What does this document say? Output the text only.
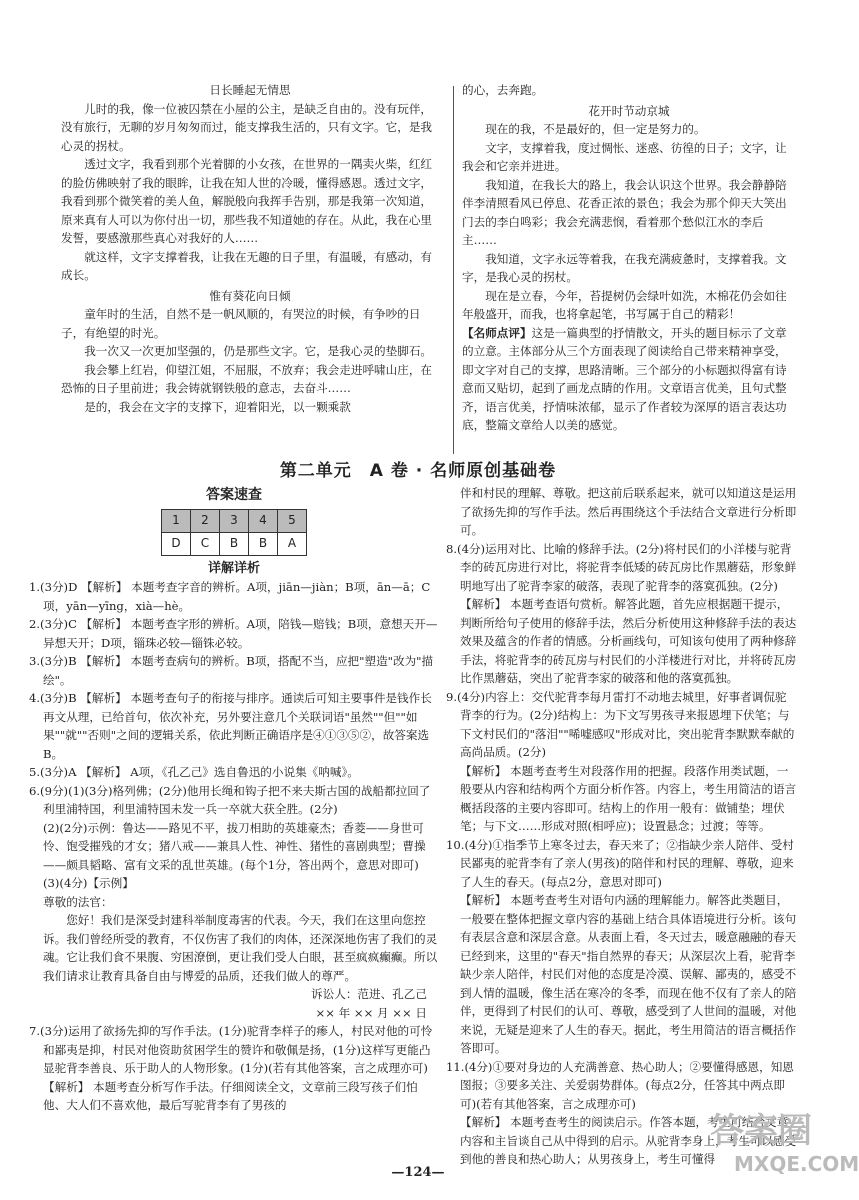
日长睡起无情思

儿时的我，像一位被囚禁在小屋的公主，是缺乏自由的。没有玩伴，没有旅行，无聊的岁月匆匆而过，能支撑我生活的，只有文字。它，是我心灵的拐杖。

透过文字，我看到那个光着脚的小女孩，在世界的一隅卖火柴，红红的脸仿佛映射了我的眼眸，让我在知人世的冷暖，懂得感恩。透过文字，我看到那个微笑着的美人鱼，解脱般向我挥手告别，那是我第一次知道，原来真有人可以为你付出一切，那些我不知道她的存在。从此，我在心里发誓，要感激那些真心对我好的人……

就这样，文字支撑着我，让我在无趣的日子里，有温暖，有感动，有成长。

惟有葵花向日倾

童年时的生活，自然不是一帆风顺的，有哭泣的时候，有争吵的日子，有绝望的时光。

我一次又一次更加坚强的，仍是那些文字。它，是我心灵的垫脚石。

我会攀上红岩，仰望江姐，不屈服，不放弃；我会走进呼啸山庄，在恐怖的日子里前进；我会铸就钢铁般的意志，去奋斗……

是的，我会在文字的支撑下，迎着阳光，以一颗乘款

的心，去奔跑。

花开时节动京城

现在的我，不是最好的，但一定是努力的。

文字，支撑着我，度过惆怅、迷惑、彷徨的日子；文字，让我会和它亲并进进。

我知道，在我长大的路上，我会认识这个世界。我会静静陪伴李清照看风已停息、花香正浓的景色；我会为那个仰天大笑出门去的李白鸣彩；我会充满悲悯，看着那个愁似江水的李后主……

我知道，文字永远等着我，在我充满疲惫时，支撑着我。文字，是我心灵的拐杖。

现在是立春，今年，苔提树仍会绿叶如洗，木棉花仍会如往年般盛开，而我，也将拿起笔，书写属于自己的精彩！

【名师点评】这是一篇典型的抒情散文，开头的题目标示了文章的立意。主体部分从三个方面表现了阅读给自己带来精神享受，即文字对自己的支撑，思路清晰。三个部分的小标题拟得富有诗意而又贴切，起到了画龙点睛的作用。文章语言优美，且句式整齐，语言优美，抒情味浓郁，显示了作者较为深厚的语言表达功底，整篇文章给人以美的感觉。

第二单元　A 卷 · 名师原创基础卷
答案速查
1	2	3	4	5
D	C	B	B	A
详解详析

1.(3分)D 【解析】 本题考查字音的辨析。A项，jiān—jiàn；B项，ān—ā；C项，yān—yīng，xià—hè。

2.(3分)C 【解析】 本题考查字形的辨析。A项，陪钱—赔钱；B项，意想天开—异想天开；D项，锱珠必较—锱铢必较。

3.(3分)B 【解析】 本题考查病句的辨析。B项，搭配不当，应把"塑造"改为"描绘"。

4.(3分)B 【解析】 本题考查句子的衔接与排序。通读后可知主要事件是钱作长再文从理，已给首句，依次补充，另外要注意几个关联词语"虽然""但""如果""就""否则"之间的逻辑关系，依此判断正确语序是④①③⑤②，故答案选B。

5.(3分)A 【解析】 A项，《孔乙己》选自鲁迅的小说集《呐喊》。

6.(9分)(1)(3分)格列佛；(2分)他用长绳和钩子把不来夫斯古国的战船都拉回了利里浦特国，利里浦特国未发一兵一卒就大获全胜。(2分)

(2)(2分)示例：鲁达——路见不平，拔刀相助的英雄豪杰；香菱——身世可怜、饱受摧残的才女；猪八戒——兼具人性、神性、猪性的喜剧典型；曹操——颇具韬略、富有文采的乱世英雄。(每个1分，答出两个，意思对即可)

(3)(4分)【示例】

尊敬的法官：

您好！我们是深受封建科举制度毒害的代表。今天，我们在这里向您控诉。我们曾经所受的教育，不仅伤害了我们的肉体，还深深地伤害了我们的灵魂。它让我们食不果腹、穷困潦倒，更让我们受人白眼，甚至疯疯癫癫。所以我们请求让教育具备自由与博爱的品质，还我们做人的尊严。

诉讼人：范进、孔乙己

×× 年 ×× 月 ×× 日

7.(3分)运用了欲扬先抑的写作手法。(1分)驼背李样子的瘆人，村民对他的可怜和鄙夷是抑，村民对他资助贫困学生的赞许和敬佩是扬，(1分)这样写更能凸显驼背李善良、乐于助人的人物形象。(1分)(若有其他答案，言之成理亦可)

【解析】 本题考查分析写作手法。仔细阅读全文，文章前三段写孩子们怕他、大人们不喜欢他，最后写驼背李有了男孩的

伴和村民的理解、尊敬。把这前后联系起来，就可以知道这是运用了欲扬先抑的写作手法。然后再围绕这个手法结合文章进行分析即可。

8.(4分)运用对比、比喻的修辞手法。(2分)将村民们的小洋楼与驼背李的砖瓦房进行对比，将驼背李低矮的砖瓦房比作黑蘑菇，形象鲜明地写出了驼背李家的破落，表现了驼背李的落寞孤独。(2分)

【解析】 本题考查语句赏析。解答此题，首先应根据题干提示，判断所给句子使用的修辞手法，然后分析使用这种修辞手法的表达效果及蕴含的作者的情感。分析画线句，可知该句使用了两种修辞手法，将驼背李的砖瓦房与村民们的小洋楼进行对比，并将砖瓦房比作黑蘑菇，突出了驼背李家的破落和他的落寞孤独。

9.(4分)内容上：交代驼背李每月雷打不动地去城里，好事者调侃驼背李的行为。(2分)结构上：为下文写男孩寻来报恩埋下伏笔；与下文村民们的"落泪""唏嘘感叹"形成对比，突出驼背李默默奉献的高尚品质。(2分)

【解析】 本题考查考生对段落作用的把握。段落作用类试题，一般要从内容和结构两个方面分析作答。内容上，考生用简洁的语言概括段落的主要内容即可。结构上的作用一般有：做铺垫；埋伏笔；与下文……形成对照(相呼应)；设置悬念；过渡；等等。

10.(4分)①指季节上寒冬过去，春天来了；②指缺少亲人陪伴、受村民鄙夷的驼背李有了亲人(男孩)的陪伴和村民的理解、尊敬，迎来了人生的春天。(每点2分，意思对即可)

【解析】 本题考查考生对语句内涵的理解能力。解答此类题目，一般要在整体把握文章内容的基础上结合具体语境进行分析。该句有表层含意和深层含意。从表面上看，冬天过去，暖意融融的春天已经到来，这里的"春天"指自然界的春天；从深层次上看，驼背李缺少亲人陪伴，村民们对他的态度是冷漠、误解、鄙夷的，感受不到人情的温暖，像生活在寒冷的冬季，而现在他不仅有了亲人的陪伴，更得到了村民们的认可、尊敬，感受到了人世间的温暖，对他来说，无疑是迎来了人生的春天。据此，考生用简洁的语言概括作答即可。

11.(4分)①要对身边的人充满善意、热心助人；②要懂得感恩，知恩图报；③要多关注、关爱弱势群体。(每点2分，任答其中两点即可)(若有其他答案，言之成理亦可)

【解析】 本题考查考生的阅读启示。作答本题，考生可结合文章内容和主旨谈自己从中得到的启示。从驼背李身上，考生可以感受到他的善良和热心助人；从男孩身上，考生可懂得

答案圈
MXQE.COM
—124—
